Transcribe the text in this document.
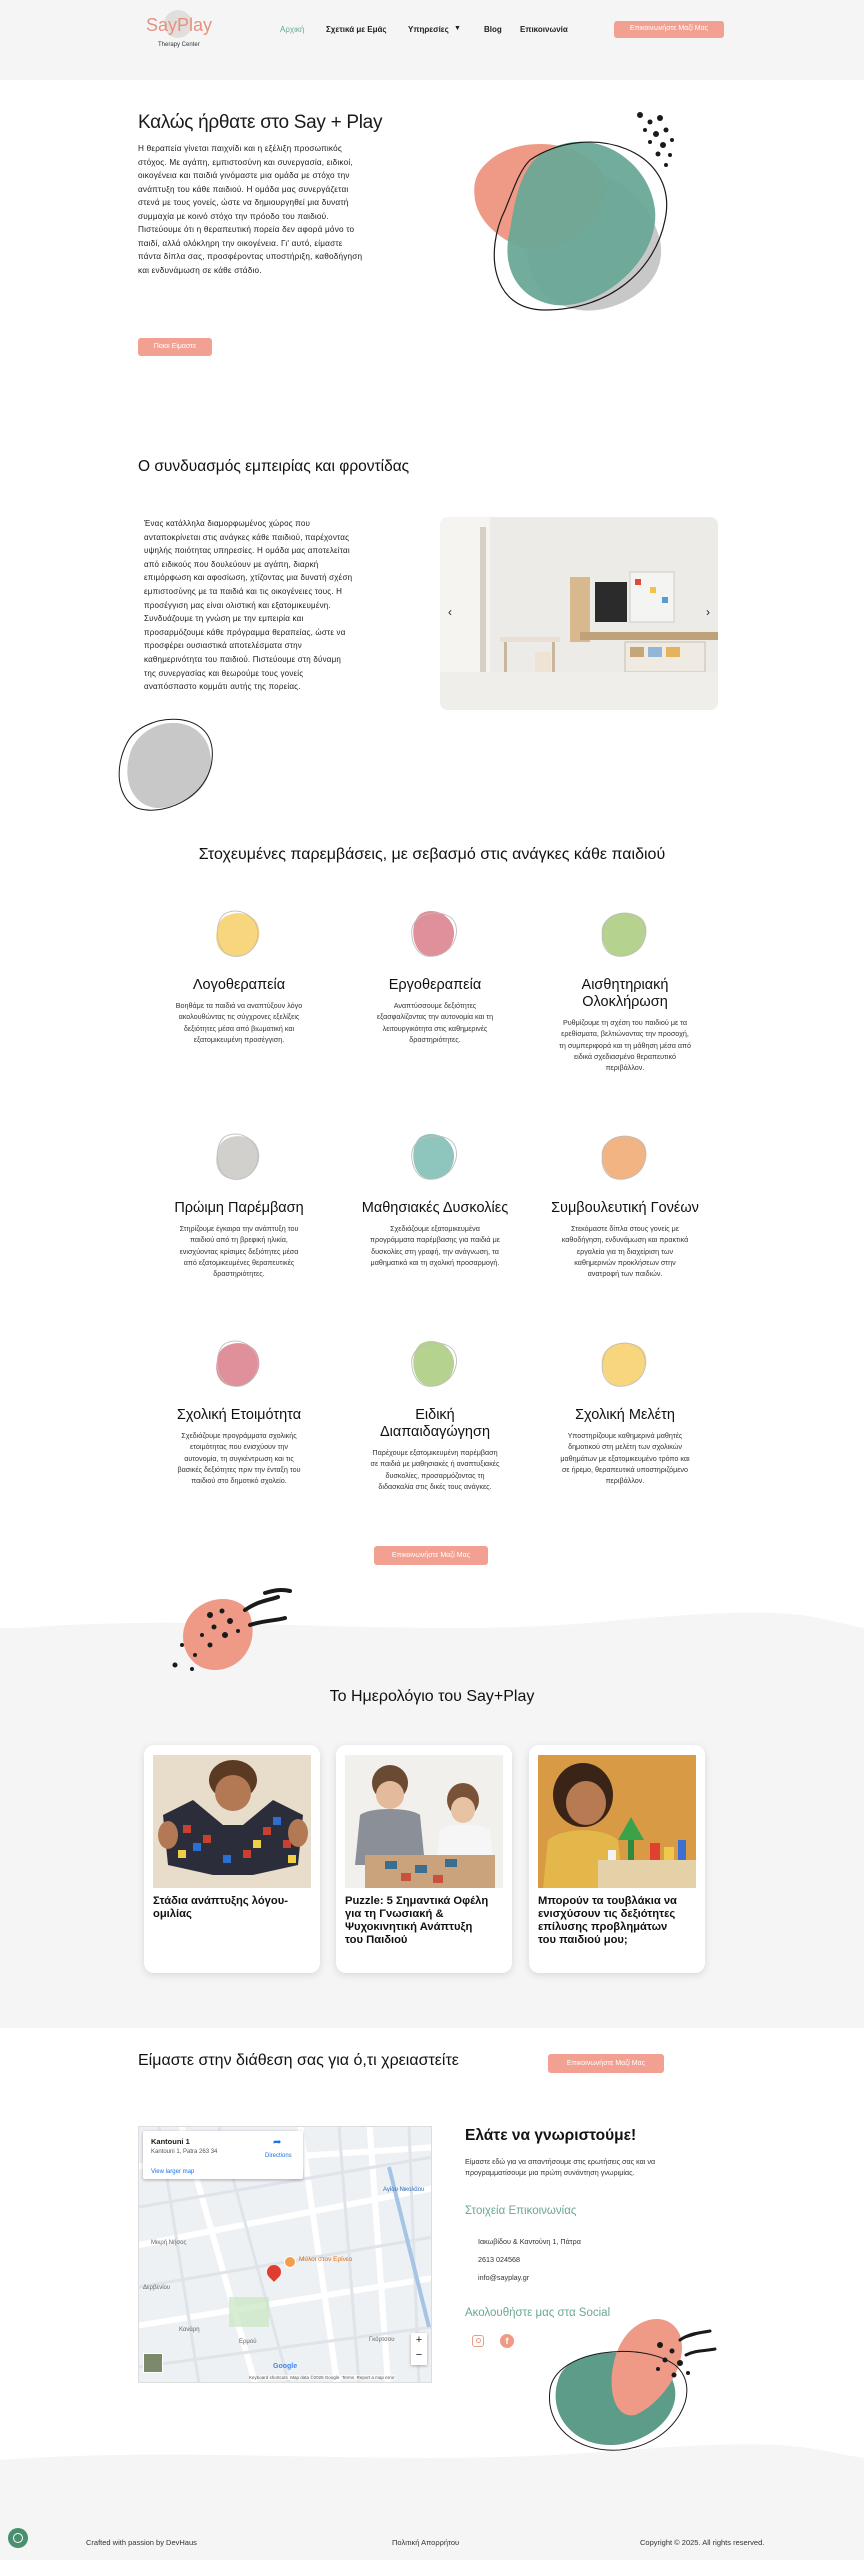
SayPlay
Therapy Center
Αρχική	Σχετικά με Εμάς	Υπηρεσίες ▼	Blog Επικοινωνία	Επικοινωνήστε Μαζί Μας
Καλώς ήρθατε στο Say + Play
Η θεραπεία γίνεται παιχνίδι και η εξέλιξη προσωπικός
στόχος. Με αγάπη, εμπιστοσύνη και συνεργασία, ειδικοί,
οικογένεια και παιδιά γινόμαστε μια ομάδα με στόχο την
ανάπτυξη του κάθε παιδιού. Η ομάδα μας συνεργάζεται
στενά με τους γονείς, ώστε να δημιουργηθεί μια δυνατή
συμμαχία με κοινό στόχο την πρόοδο του παιδιού.
Πιστεύουμε ότι η θεραπευτική πορεία δεν αφορά μόνο το
παιδί, αλλά ολόκληρη την οικογένεια. Γι' αυτό, είμαστε
πάντα δίπλα σας, προσφέροντας υποστήριξη, καθοδήγηση
και ενδυνάμωση σε κάθε στάδιο.
Ποιοι Είμαστε
Ο συνδυασμός εμπειρίας και φροντίδας
Ένας κατάλληλα διαμορφωμένος χώρος που
ανταποκρίνεται στις ανάγκες κάθε παιδιού, παρέχοντας
υψηλής ποιότητας υπηρεσίες. Η ομάδα μας αποτελείται
από ειδικούς που δουλεύουν με αγάπη, διαρκή
επιμόρφωση και αφοσίωση, χτίζοντας μια δυνατή σχέση
εμπιστοσύνης με τα παιδιά και τις οικογένειες τους. Η
προσέγγιση μας είναι ολιστική και εξατομικευμένη.
Συνδυάζουμε τη γνώση με την εμπειρία και
προσαρμόζουμε κάθε πρόγραμμα θεραπείας, ώστε να
προσφέρει ουσιαστικά αποτελέσματα στην
καθημερινότητα του παιδιού. Πιστεύουμε στη δύναμη
της συνεργασίας και θεωρούμε τους γονείς
αναπόσπαστο κομμάτι αυτής της πορείας.
‹	›
Στοχευμένες παρεμβάσεις, με σεβασμό στις ανάγκες κάθε παιδιού
Λογοθεραπεία
Βοηθάμε τα παιδιά να αναπτύξουν λόγο
ακολουθώντας τις σύγχρονες εξελίξεις
δεξιότητες μέσα από βιωματική και
εξατομικευμένη προσέγγιση.
Εργοθεραπεία
Αναπτύσσουμε δεξιότητες
εξασφαλίζοντας την αυτονομία και τη
λειτουργικότητα στις καθημερινές
δραστηριότητες.
Αισθητηριακή
Ολοκλήρωση
Ρυθμίζουμε τη σχέση του παιδιού με τα
ερεθίσματα, βελτιώνοντας την προσοχή,
τη συμπεριφορά και τη μάθηση μέσα από
ειδικά σχεδιασμένο θεραπευτικό
περιβάλλον.
Πρώιμη Παρέμβαση
Στηρίζουμε έγκαιρα την ανάπτυξη του
παιδιού από τη βρεφική ηλικία,
ενισχύοντας κρίσιμες δεξιότητες μέσα
από εξατομικευμένες θεραπευτικές
δραστηριότητες.
Μαθησιακές Δυσκολίες
Σχεδιάζουμε εξατομικευμένα
προγράμματα παρέμβασης για παιδιά με
δυσκολίες στη γραφή, την ανάγνωση, τα
μαθηματικά και τη σχολική προσαρμογή.
Συμβουλευτική Γονέων
Στεκόμαστε δίπλα στους γονείς με
καθοδήγηση, ενδυνάμωση και πρακτικά
εργαλεία για τη διαχείριση των
καθημερινών προκλήσεων στην
ανατροφή των παιδιών.
Σχολική Ετοιμότητα
Σχεδιάζουμε προγράμματα σχολικής
ετοιμότητας που ενισχύουν την
αυτονομία, τη συγκέντρωση και τις
βασικές δεξιότητες πριν την ένταξη του
παιδιού στο δημοτικό σχολείο.
Ειδική
Διαπαιδαγώγηση
Παρέχουμε εξατομικευμένη παρέμβαση
σε παιδιά με μαθησιακές ή αναπτυξιακές
δυσκολίες, προσαρμόζοντας τη
διδασκαλία στις δικές τους ανάγκες.
Σχολική Μελέτη
Υποστηρίζουμε καθημερινά μαθητές
δημοτικού στη μελέτη των σχολικών
μαθημάτων με εξατομικευμένο τρόπο και
σε ήρεμο, θεραπευτικά υποστηριζόμενο
περιβάλλον.
Επικοινωνήστε Μαζί Μας
Το Ημερολόγιο του Say+Play
Στάδια ανάπτυξης λόγου-
ομιλίας
Puzzle: 5 Σημαντικά Οφέλη
για τη Γνωσιακή &
Ψυχοκινητική Ανάπτυξη
του Παιδιού
Μπορούν τα τουβλάκια να
ενισχύσουν τις δεξιότητες
επίλυσης προβλημάτων
του παιδιού μου;
Είμαστε στην διάθεση σας για ό,τι χρειαστείτε	Επικοινωνήστε Μαζί Μας
Kantouni 1
Kantouni 1, Patra 263 34
View larger map
➦
Directions
Μικρή Νήσος
Μύλοι στον Ερίνεο
Δερβενίου
Κανάρη
Ερμού	Γκόρτσου
Αγίου Νικολάου
+
−
Google
Keyboard shortcuts Map data ©2025 Google Terms Report a map error
Ελάτε να γνωριστούμε!
Είμαστε εδώ για να απαντήσουμε στις ερωτήσεις σας και να
προγραμματίσουμε μια πρώτη συνάντηση γνωριμίας.
Στοιχεία Επικοινωνίας
Ιακωβίδου & Καντούνη 1, Πάτρα
2613 024568
info@sayplay.gr
Ακολουθήστε μας στα Social
f
Crafted with passion by DevHaus	Πολιτική Απορρήτου	Copyright © 2025. All rights reserved.
